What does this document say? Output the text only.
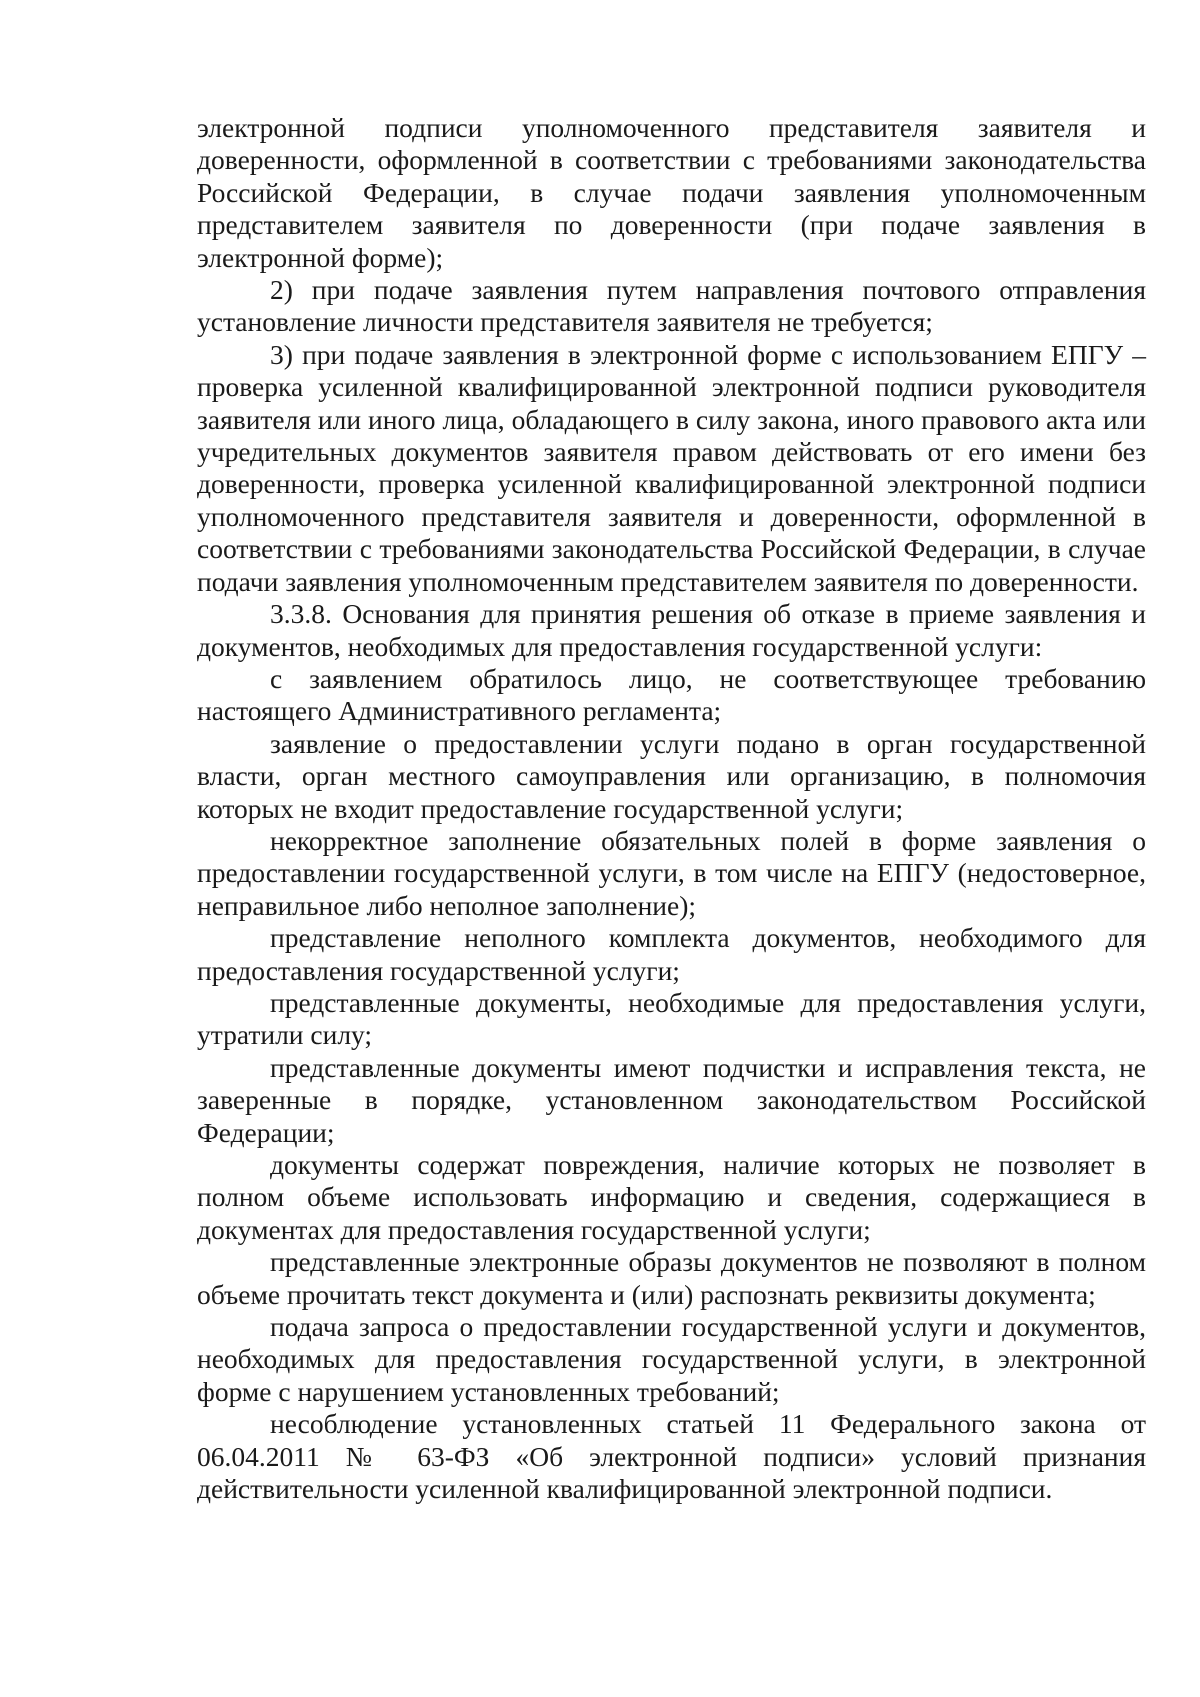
электронной подписи уполномоченного представителя заявителя и доверенности, оформленной в соответствии с требованиями законодательства Российской Федерации, в случае подачи заявления уполномоченным представителем заявителя по доверенности (при подаче заявления в электронной форме);

2) при подаче заявления путем направления почтового отправления установление личности представителя заявителя не требуется;

3) при подаче заявления в электронной форме с использованием ЕПГУ – проверка усиленной квалифицированной электронной подписи руководителя заявителя или иного лица, обладающего в силу закона, иного правового акта или учредительных документов заявителя правом действовать от его имени без доверенности, проверка усиленной квалифицированной электронной подписи уполномоченного представителя заявителя и доверенности, оформленной в соответствии с требованиями законодательства Российской Федерации, в случае подачи заявления уполномоченным представителем заявителя по доверенности.

3.3.8. Основания для принятия решения об отказе в приеме заявления и документов, необходимых для предоставления государственной услуги:

с заявлением обратилось лицо, не соответствующее требованию настоящего Административного регламента;

заявление о предоставлении услуги подано в орган государственной власти, орган местного самоуправления или организацию, в полномочия которых не входит предоставление государственной услуги;

некорректное заполнение обязательных полей в форме заявления о предоставлении государственной услуги, в том числе на ЕПГУ (недостоверное, неправильное либо неполное заполнение);

представление неполного комплекта документов, необходимого для предоставления государственной услуги;

представленные документы, необходимые для предоставления услуги, утратили силу;

представленные документы имеют подчистки и исправления текста, не заверенные в порядке, установленном законодательством Российской Федерации;

документы содержат повреждения, наличие которых не позволяет в полном объеме использовать информацию и сведения, содержащиеся в документах для предоставления государственной услуги;

представленные электронные образы документов не позволяют в полном объеме прочитать текст документа и (или) распознать реквизиты документа;

подача запроса о предоставлении государственной услуги и документов, необходимых для предоставления государственной услуги, в электронной форме с нарушением установленных требований;

несоблюдение установленных статьей 11 Федерального закона от 06.04.2011 № 63-ФЗ «Об электронной подписи» условий признания действительности усиленной квалифицированной электронной подписи.
